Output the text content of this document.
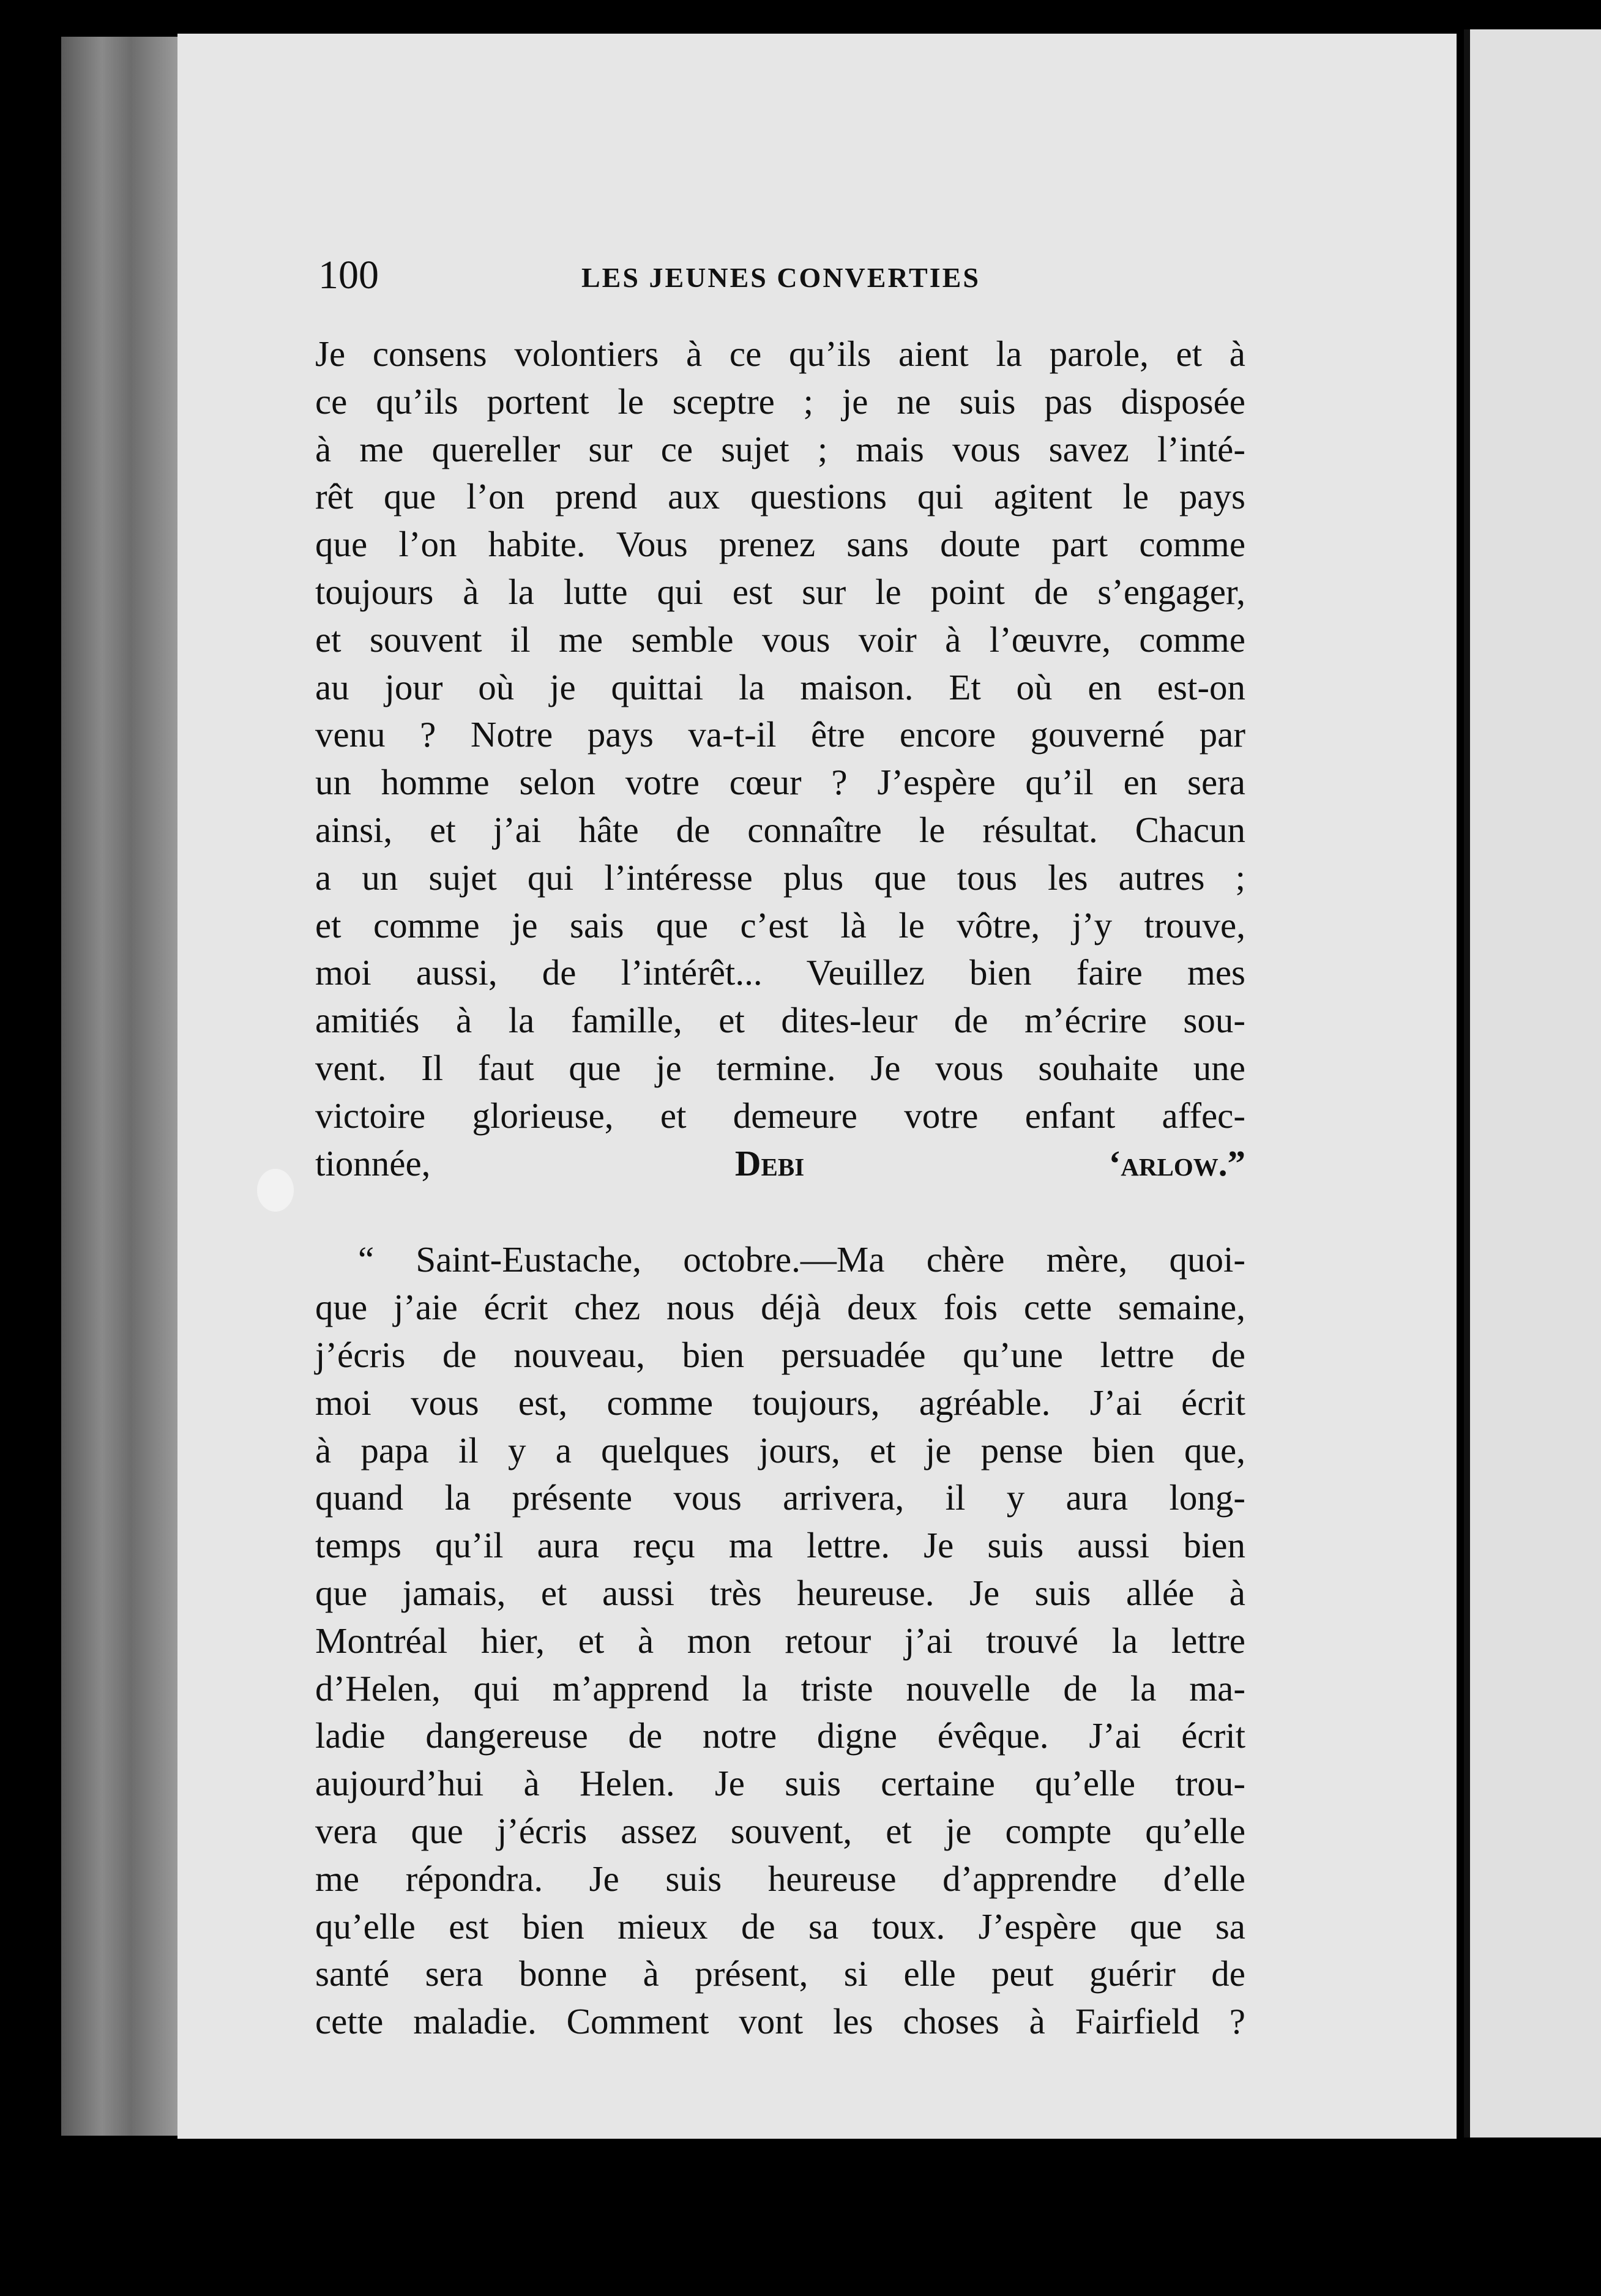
100	LES JEUNES CONVERTIES
Je consens volontiers à ce qu’ils aient la parole, et à
ce qu’ils portent le sceptre ; je ne suis pas disposée
à me quereller sur ce sujet ; mais vous savez l’inté-
rêt que l’on prend aux questions qui agitent le pays
que l’on habite. Vous prenez sans doute part comme
toujours à la lutte qui est sur le point de s’engager,
et souvent il me semble vous voir à l’œuvre, comme
au jour où je quittai la maison. Et où en est-on
venu ? Notre pays va-t-il être encore gouverné par
un homme selon votre cœur ? J’espère qu’il en sera
ainsi, et j’ai hâte de connaître le résultat. Chacun
a un sujet qui l’intéresse plus que tous les autres ;
et comme je sais que c’est là le vôtre, j’y trouve,
moi aussi, de l’intérêt... Veuillez bien faire mes
amitiés à la famille, et dites-leur de m’écrire sou-
vent. Il faut que je termine. Je vous souhaite une
victoire glorieuse, et demeure votre enfant affec-
tionnée,	Debi ‘arlow.”
“ Saint-Eustache, octobre.—Ma chère mère, quoi-
que j’aie écrit chez nous déjà deux fois cette semaine,
j’écris de nouveau, bien persuadée qu’une lettre de
moi vous est, comme toujours, agréable. J’ai écrit
à papa il y a quelques jours, et je pense bien que,
quand la présente vous arrivera, il y aura long-
temps qu’il aura reçu ma lettre. Je suis aussi bien
que jamais, et aussi très heureuse. Je suis allée à
Montréal hier, et à mon retour j’ai trouvé la lettre
d’Helen, qui m’apprend la triste nouvelle de la ma-
ladie dangereuse de notre digne évêque. J’ai écrit
aujourd’hui à Helen. Je suis certaine qu’elle trou-
vera que j’écris assez souvent, et je compte qu’elle
me répondra. Je suis heureuse d’apprendre d’elle
qu’elle est bien mieux de sa toux. J’espère que sa
santé sera bonne à présent, si elle peut guérir de
cette maladie. Comment vont les choses à Fairfield ?
